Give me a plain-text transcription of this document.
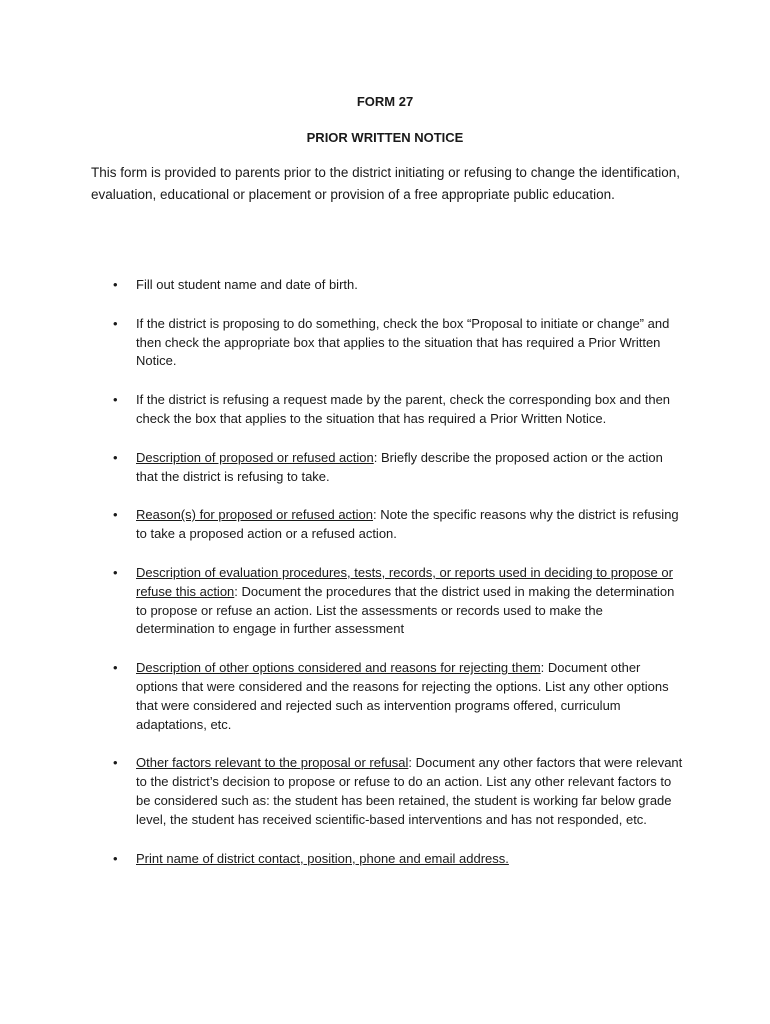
FORM 27
PRIOR WRITTEN NOTICE

This form is provided to parents prior to the district initiating or refusing to change the identification, evaluation, educational or placement or provision of a free appropriate public education.

• Fill out student name and date of birth.
• If the district is proposing to do something, check the box “Proposal to initiate or change” and then check the appropriate box that applies to the situation that has required a Prior Written Notice.
• If the district is refusing a request made by the parent, check the corresponding box and then check the box that applies to the situation that has required a Prior Written Notice.
• Description of proposed or refused action: Briefly describe the proposed action or the action that the district is refusing to take.
• Reason(s) for proposed or refused action: Note the specific reasons why the district is refusing to take a proposed action or a refused action.
• Description of evaluation procedures, tests, records, or reports used in deciding to propose or refuse this action: Document the procedures that the district used in making the determination to propose or refuse an action. List the assessments or records used to make the determination to engage in further assessment
• Description of other options considered and reasons for rejecting them: Document other options that were considered and the reasons for rejecting the options. List any other options that were considered and rejected such as intervention programs offered, curriculum adaptations, etc.
• Other factors relevant to the proposal or refusal: Document any other factors that were relevant to the district’s decision to propose or refuse to do an action. List any other relevant factors to be considered such as: the student has been retained, the student is working far below grade level, the student has received scientific-based interventions and has not responded, etc.
• Print name of district contact, position, phone and email address.
